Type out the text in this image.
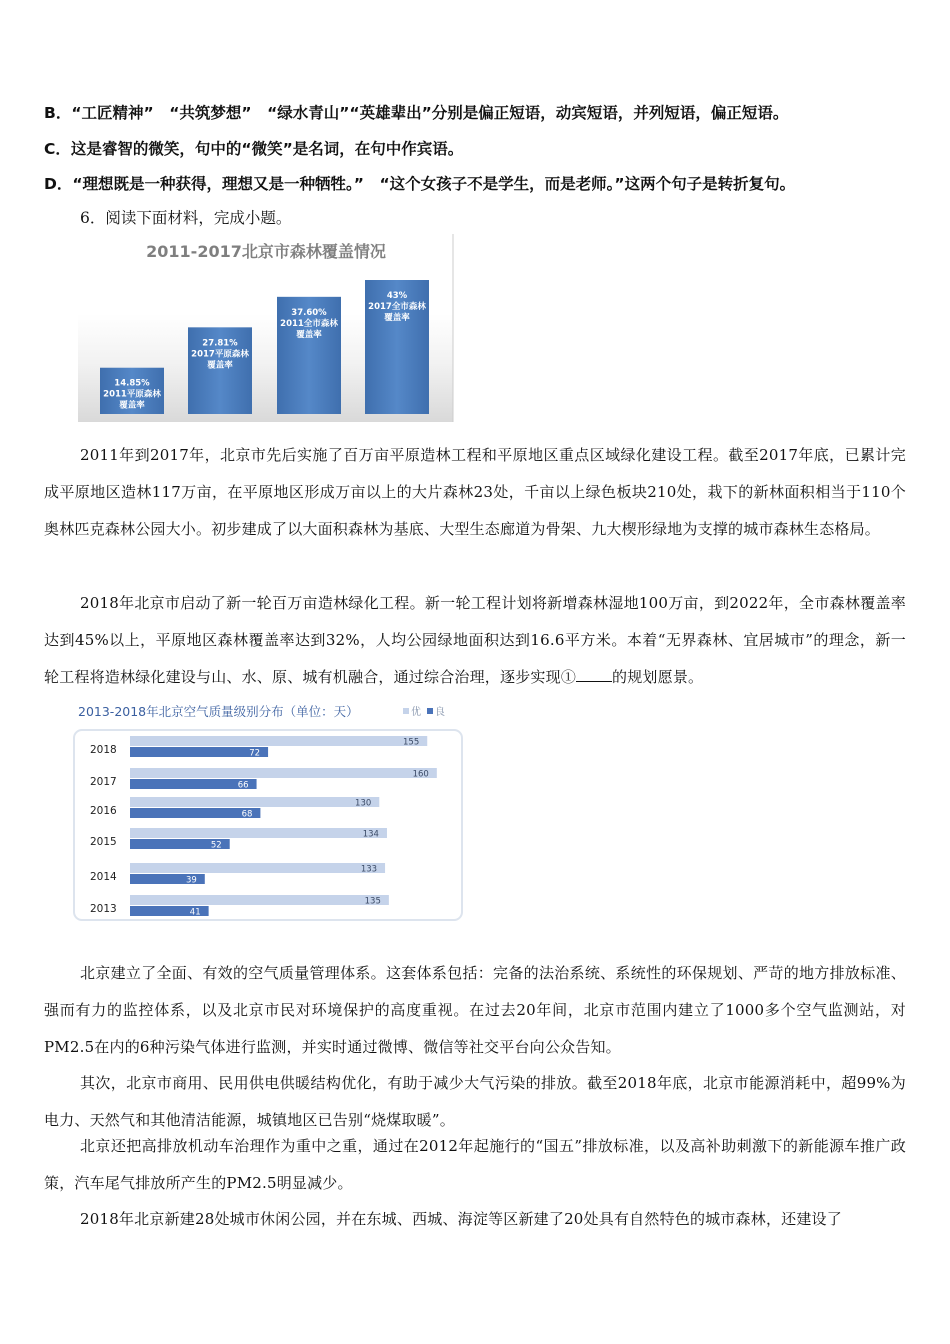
B．“工匠精神”　“共筑梦想”　“绿水青山”“英雄辈出”分别是偏正短语，动宾短语，并列短语，偏正短语。
C．这是睿智的微笑，句中的“微笑”是名词，在句中作宾语。
D．“理想既是一种获得，理想又是一种牺牲。”　“这个女孩子不是学生，而是老师。”这两个句子是转折复句。
6．阅读下面材料，完成小题。
2011-2017北京市森林覆盖情况
14.85%
2011平原森林
覆盖率
27.81%
2017平原森林
覆盖率
37.60%
2011全市森林
覆盖率
43%
2017全市森林
覆盖率
2011年到2017年，北京市先后实施了百万亩平原造林工程和平原地区重点区域绿化建设工程。截至2017年底，已累计完成平原地区造林117万亩，在平原地区形成万亩以上的大片森林23处，千亩以上绿色板块210处，栽下的新林面积相当于110个奥林匹克森林公园大小。初步建成了以大面积森林为基底、大型生态廊道为骨架、九大楔形绿地为支撑的城市森林生态格局。
2018年北京市启动了新一轮百万亩造林绿化工程。新一轮工程计划将新增森林湿地100万亩，到2022年，全市森林覆盖率达到45%以上，平原地区森林覆盖率达到32%，人均公园绿地面积达到16.6平方米。本着“无界森林、宜居城市”的理念，新一轮工程将造林绿化建设与山、水、原、城有机融合，通过综合治理，逐步实现① 的规划愿景。
2013-2018年北京空气质量级别分布（单位：天）	优 良
2018
155
72
2017
160
66
2016
130
68
2015
134
52
2014
133
39
2013
135
41
北京建立了全面、有效的空气质量管理体系。这套体系包括：完备的法治系统、系统性的环保规划、严苛的地方排放标准、强而有力的监控体系，以及北京市民对环境保护的高度重视。在过去20年间，北京市范围内建立了1000多个空气监测站，对PM2.5在内的6种污染气体进行监测，并实时通过微博、微信等社交平台向公众告知。
其次，北京市商用、民用供电供暖结构优化，有助于减少大气污染的排放。截至2018年底，北京市能源消耗中，超99%为电力、天然气和其他清洁能源，城镇地区已告别“烧煤取暖”。
北京还把高排放机动车治理作为重中之重，通过在2012年起施行的“国五”排放标准，以及高补助刺激下的新能源车推广政策，汽车尾气排放所产生的PM2.5明显减少。
2018年北京新建28处城市休闲公园，并在东城、西城、海淀等区新建了20处具有自然特色的城市森林，还建设了
